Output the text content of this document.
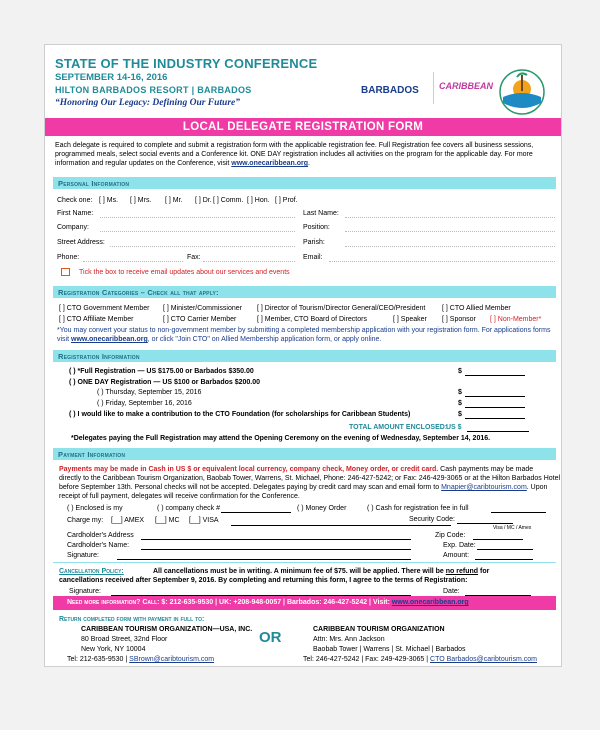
STATE OF THE INDUSTRY CONFERENCE
SEPTEMBER 14-16, 2016
HILTON BARBADOS RESORT | BARBADOS
“Honoring Our Legacy: Defining Our Future”
BARBADOS CARIBBEAN
LOCAL DELEGATE REGISTRATION FORM
Each delegate is required to complete and submit a registration form with the applicable registration fee. Full Registration fee covers all business sessions,
programmed meals, select social events and a Conference kit. ONE DAY registration includes all activities on the program for the applicable day. For more
information and regular updates on the Conference, visit www.onecaribbean.org.
Personal Information
Check one: [ ] Ms. [ ] Mrs. [ ] Mr. [ ] Dr. [ ] Comm. [ ] Hon. [ ] Prof.
First Name:	Last Name:
Company:	Position:
Street Address:	Parish:
Phone:	Fax:	Email:
Tick the box to receive email updates about our services and events
Registration Categories – Check all that apply:
[ ] CTO Government Member [ ] Minister/Commissioner [ ] Director of Tourism/Director General/CEO/President [ ] CTO Allied Member
[ ] CTO Affiliate Member	[ ] CTO Carrier Member	[ ] Member, CTO Board of Directors	[ ] Speaker [ ] Sponsor [ ] Non-Member*
*You may convert your status to non-government member by submitting a completed membership application with your registration form. For applications forms
visit www.onecaribbean.org, or click "Join CTO" on Allied Membership application form, or apply online.
Registration Information
( ) *Full Registration — US $175.00 or Barbados $350.00	$
( ) ONE DAY Registration — US $100 or Barbados $200.00
( ) Thursday, September 15, 2016	$
( ) Friday, September 16, 2016	$
( ) I would like to make a contribution to the CTO Foundation (for scholarships for Caribbean Students)	$
TOTAL AMOUNT ENCLOSED:
US $
*Delegates paying the Full Registration may attend the Opening Ceremony on the evening of Wednesday, September 14, 2016.
Payment Information
Payments may be made in Cash in US $ or equivalent local currency, company check, Money order, or credit card. Cash payments may be made
directly to the Caribbean Tourism Organization, Baobab Tower, Warrens, St. Michael, Phone: 246-427-5242; or Fax: 246-429-3065 or at the Hilton Barbados Hotel
before September 13th. Personal checks will not be accepted. Delegates paying by credit card may scan and email form to Mnapier@caribtourism.com. Upon
receipt of full payment, delegates will receive confirmation for the Conference.
( ) Enclosed is my	( ) company check #	( ) Money Order	( ) Cash for registration fee in full
Security Code:
Charge my: [__] AMEX [__] MC [__] VISA
Visa / MC / Amex
Cardholder's Address	Zip Code:
Cardholder's Name:	Exp. Date:
Signature:	Amount:
Cancellation Policy:	All cancellations must be in writing. A minimum fee of $75. will be applied. There will be no refund for
cancellations received after September 9, 2016. By completing and returning this form, I agree to the terms of Registration:
Signature:	Date:
Need more information? Call: $: 212-635-9530 | UK: +208-948-0057 | Barbados: 246-427-5242 | Visit: www.onecaribbean.org
Return completed form with payment in full to:
CARIBBEAN TOURISM ORGANIZATION—USA, INC.
80 Broad Street, 32nd Floor
New York, NY 10004
Tel: 212-635-9530 | SBrown@caribtourism.com
OR	CARIBBEAN TOURISM ORGANIZATION
Attn: Mrs. Ann Jackson
Baobab Tower | Warrens | St. Michael | Barbados
Tel: 246-427-5242 | Fax: 249-429-3065 | CTO Barbados@caribtourism.com
